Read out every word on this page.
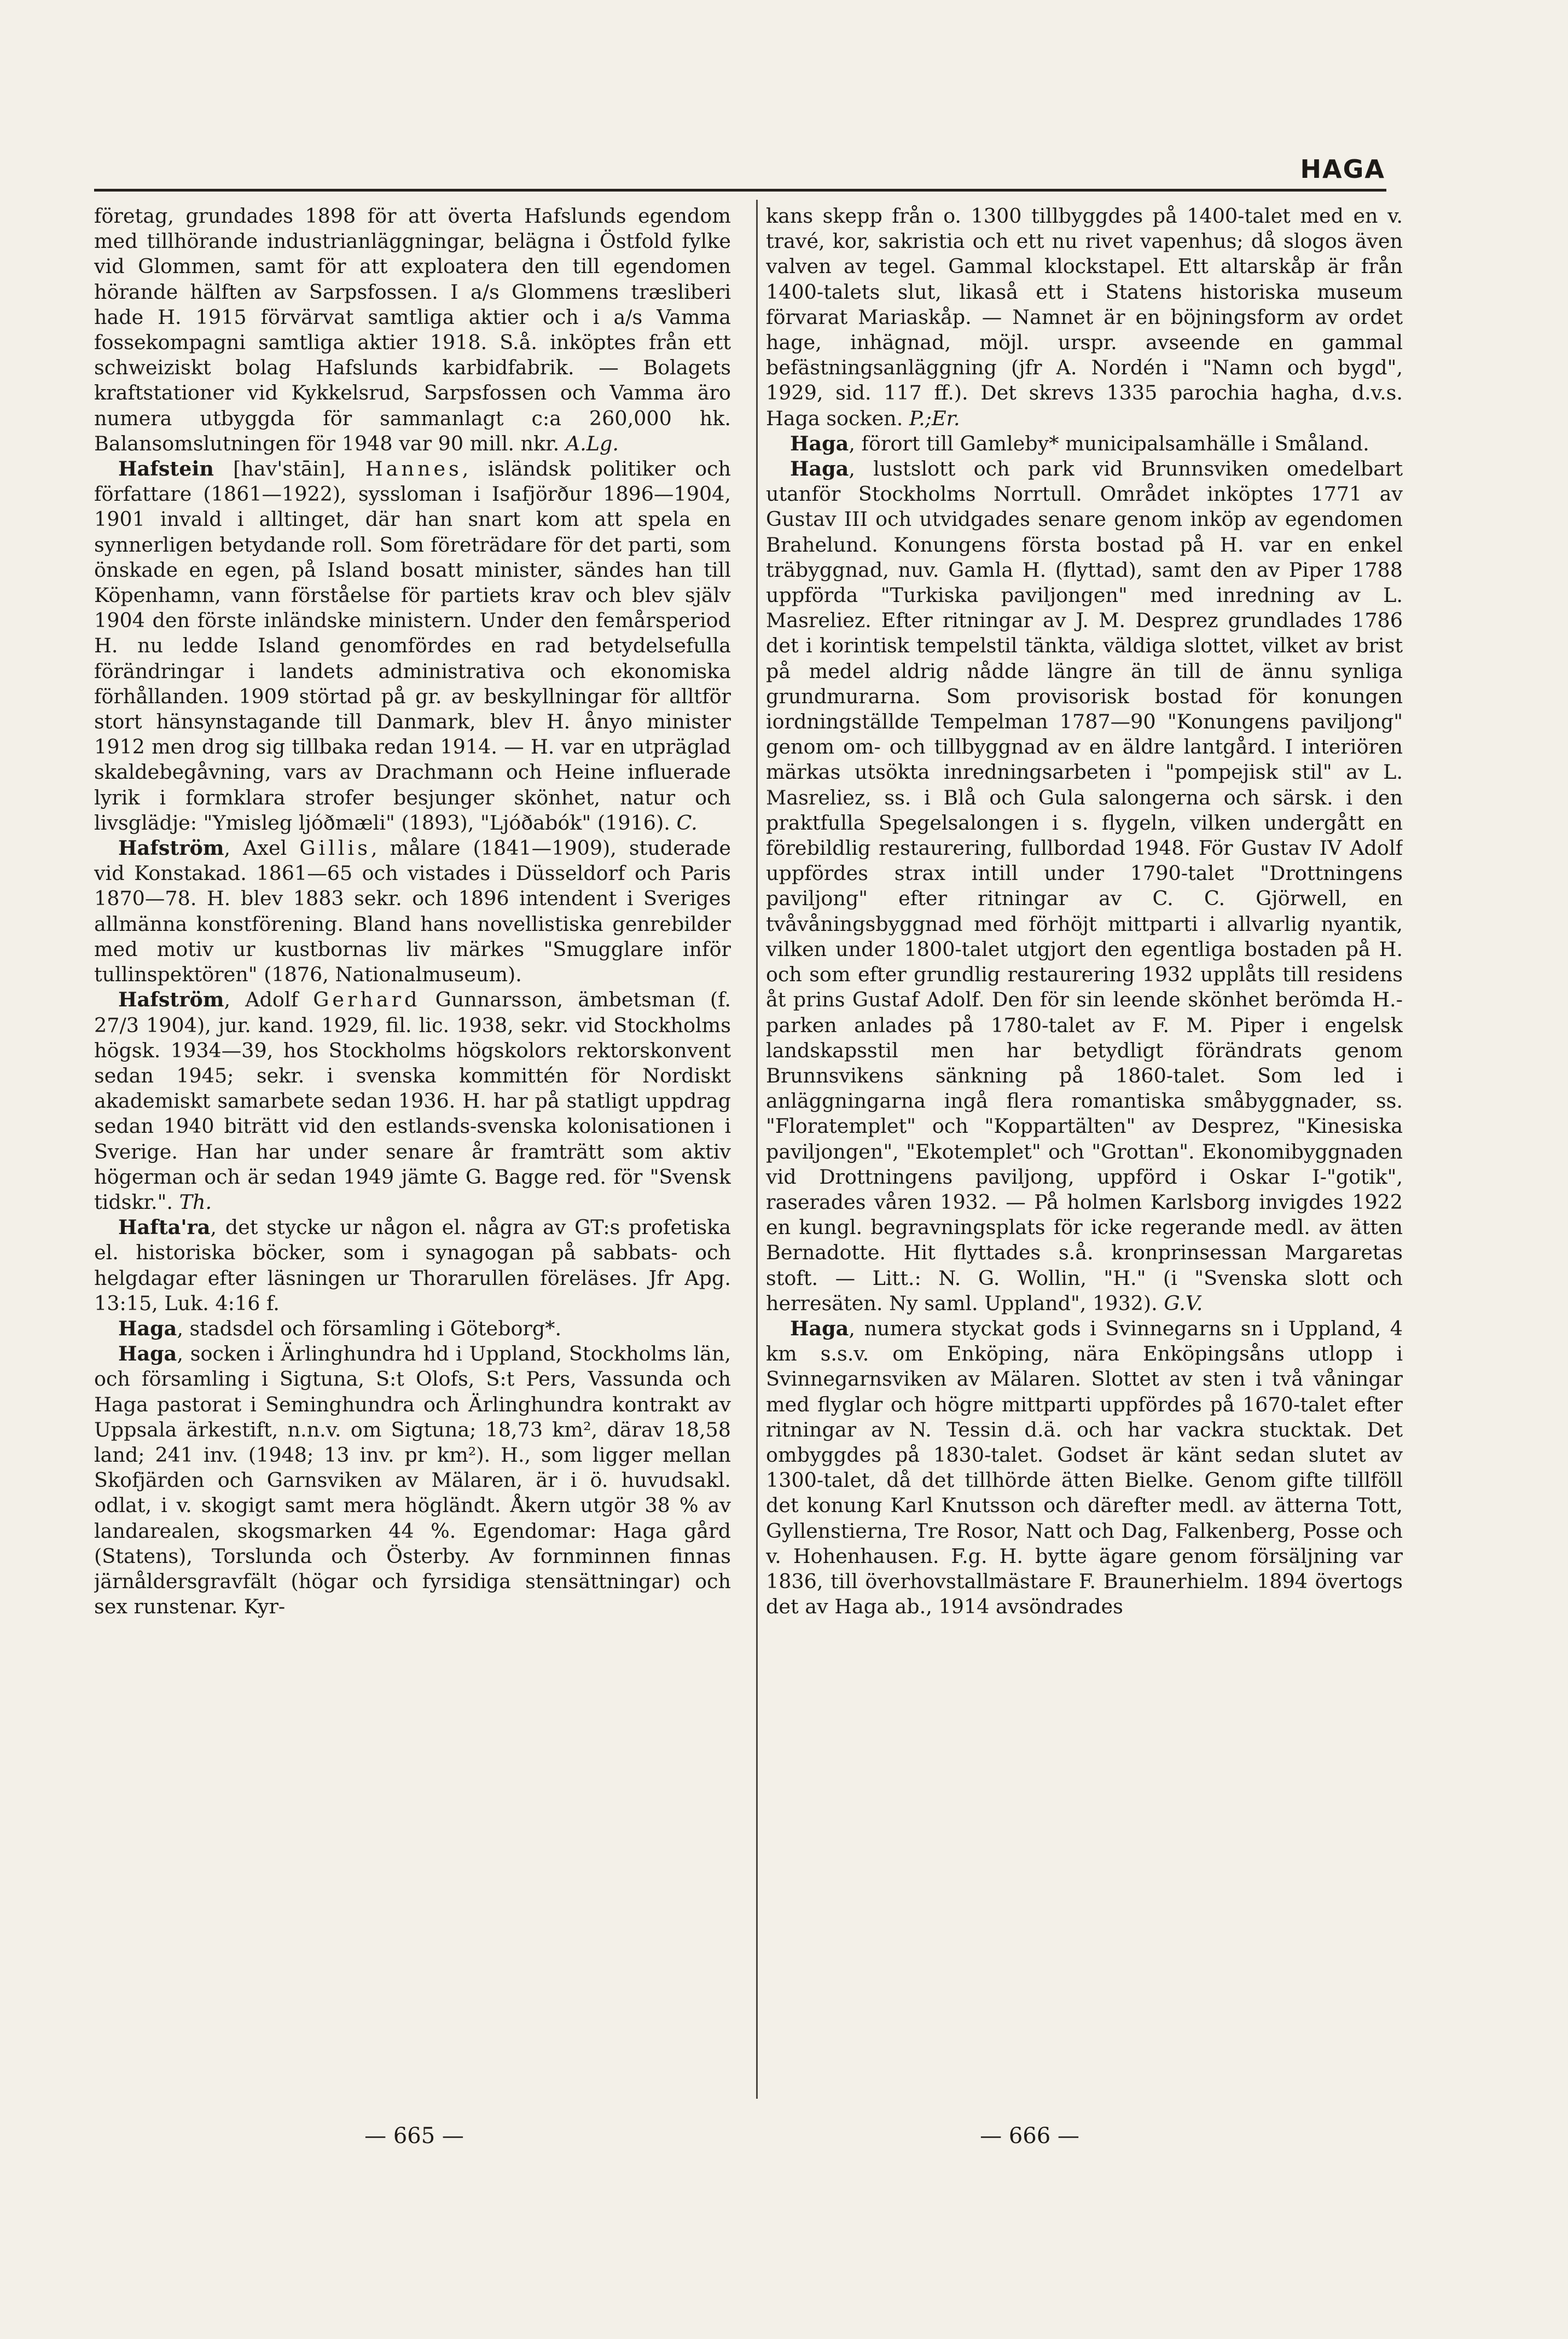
HAGA

företag, grundades 1898 för att överta Hafslunds egendom med tillhörande industrianläggningar, belägna i Östfold fylke vid Glommen, samt för att exploatera den till egendomen hörande hälften av Sarpsfossen. I a/s Glommens træsliberi hade H. 1915 förvärvat samtliga aktier och i a/s Vamma fossekompagni samtliga aktier 1918. S.å. inköptes från ett schweiziskt bolag Hafslunds karbidfabrik. — Bolagets kraftstationer vid Kykkelsrud, Sarpsfossen och Vamma äro numera utbyggda för sammanlagt c:a 260,000 hk. Balansomslutningen för 1948 var 90 mill. nkr. A.Lg.

Hafstein [hav'stāin], Hannes, isländsk politiker och författare (1861—1922), syssloman i Isafjörður 1896—1904, 1901 invald i alltinget, där han snart kom att spela en synnerligen betydande roll. Som företrädare för det parti, som önskade en egen, på Island bosatt minister, sändes han till Köpenhamn, vann förståelse för partiets krav och blev själv 1904 den förste inländske ministern. Under den femårsperiod H. nu ledde Island genomfördes en rad betydelsefulla förändringar i landets administrativa och ekonomiska förhållanden. 1909 störtad på gr. av beskyllningar för alltför stort hänsynstagande till Danmark, blev H. ånyo minister 1912 men drog sig tillbaka redan 1914. — H. var en utpräglad skaldebegåvning, vars av Drachmann och Heine influerade lyrik i formklara strofer besjunger skönhet, natur och livsglädje: "Ymisleg ljóðmæli" (1893), "Ljóðabók" (1916). C.

Hafström, Axel Gillis, målare (1841—1909), studerade vid Konstakad. 1861—65 och vistades i Düsseldorf och Paris 1870—78. H. blev 1883 sekr. och 1896 intendent i Sveriges allmänna konstförening. Bland hans novellistiska genrebilder med motiv ur kustbornas liv märkes "Smugglare inför tullinspektören" (1876, Nationalmuseum).

Hafström, Adolf Gerhard Gunnarsson, ämbetsman (f. 27/3 1904), jur. kand. 1929, fil. lic. 1938, sekr. vid Stockholms högsk. 1934—39, hos Stockholms högskolors rektorskonvent sedan 1945; sekr. i svenska kommittén för Nordiskt akademiskt samarbete sedan 1936. H. har på statligt uppdrag sedan 1940 biträtt vid den estlands-svenska kolonisationen i Sverige. Han har under senare år framträtt som aktiv högerman och är sedan 1949 jämte G. Bagge red. för "Svensk tidskr.". Th.

Hafta'ra, det stycke ur någon el. några av GT:s profetiska el. historiska böcker, som i synagogan på sabbats- och helgdagar efter läsningen ur Thorarullen föreläses. Jfr Apg. 13:15, Luk. 4:16 f.

Haga, stadsdel och församling i Göteborg*.

Haga, socken i Ärlinghundra hd i Uppland, Stockholms län, och församling i Sigtuna, S:t Olofs, S:t Pers, Vassunda och Haga pastorat i Seminghundra och Ärlinghundra kontrakt av Uppsala ärkestift, n.n.v. om Sigtuna; 18,73 km², därav 18,58 land; 241 inv. (1948; 13 inv. pr km²). H., som ligger mellan Skofjärden och Garnsviken av Mälaren, är i ö. huvudsakl. odlat, i v. skogigt samt mera högländt. Åkern utgör 38 % av landarealen, skogsmarken 44 %. Egendomar: Haga gård (Statens), Torslunda och Österby. Av fornminnen finnas järnåldersgravfält (högar och fyrsidiga stensättningar) och sex runstenar. Kyr-

kans skepp från o. 1300 tillbyggdes på 1400-talet med en v. travé, kor, sakristia och ett nu rivet vapenhus; då slogos även valven av tegel. Gammal klockstapel. Ett altarskåp är från 1400-talets slut, likaså ett i Statens historiska museum förvarat Mariaskåp. — Namnet är en böjningsform av ordet hage, inhägnad, möjl. urspr. avseende en gammal befästningsanläggning (jfr A. Nordén i "Namn och bygd", 1929, sid. 117 ff.). Det skrevs 1335 parochia hagha, d.v.s. Haga socken. P.;Er.

Haga, förort till Gamleby* municipalsamhälle i Småland.

Haga, lustslott och park vid Brunnsviken omedelbart utanför Stockholms Norrtull. Området inköptes 1771 av Gustav III och utvidgades senare genom inköp av egendomen Brahelund. Konungens första bostad på H. var en enkel träbyggnad, nuv. Gamla H. (flyttad), samt den av Piper 1788 uppförda "Turkiska paviljongen" med inredning av L. Masreliez. Efter ritningar av J. M. Desprez grundlades 1786 det i korintisk tempelstil tänkta, väldiga slottet, vilket av brist på medel aldrig nådde längre än till de ännu synliga grundmurarna. Som provisorisk bostad för konungen iordningställde Tempelman 1787—90 "Konungens paviljong" genom om- och tillbyggnad av en äldre lantgård. I interiören märkas utsökta inredningsarbeten i "pompejisk stil" av L. Masreliez, ss. i Blå och Gula salongerna och särsk. i den praktfulla Spegelsalongen i s. flygeln, vilken undergått en förebildlig restaurering, fullbordad 1948. För Gustav IV Adolf uppfördes strax intill under 1790-talet "Drottningens paviljong" efter ritningar av C. C. Gjörwell, en tvåvåningsbyggnad med förhöjt mittparti i allvarlig nyantik, vilken under 1800-talet utgjort den egentliga bostaden på H. och som efter grundlig restaurering 1932 upplåts till residens åt prins Gustaf Adolf. Den för sin leende skönhet berömda H.-parken anlades på 1780-talet av F. M. Piper i engelsk landskapsstil men har betydligt förändrats genom Brunnsvikens sänkning på 1860-talet. Som led i anläggningarna ingå flera romantiska småbyggnader, ss. "Floratemplet" och "Koppartälten" av Desprez, "Kinesiska paviljongen", "Ekotemplet" och "Grottan". Ekonomibyggnaden vid Drottningens paviljong, uppförd i Oskar I-"gotik", raserades våren 1932. — På holmen Karlsborg invigdes 1922 en kungl. begravningsplats för icke regerande medl. av ätten Bernadotte. Hit flyttades s.å. kronprinsessan Margaretas stoft. — Litt.: N. G. Wollin, "H." (i "Svenska slott och herresäten. Ny saml. Uppland", 1932). G.V.

Haga, numera styckat gods i Svinnegarns sn i Uppland, 4 km s.s.v. om Enköping, nära Enköpingsåns utlopp i Svinnegarnsviken av Mälaren. Slottet av sten i två våningar med flyglar och högre mittparti uppfördes på 1670-talet efter ritningar av N. Tessin d.ä. och har vackra stucktak. Det ombyggdes på 1830-talet. Godset är känt sedan slutet av 1300-talet, då det tillhörde ätten Bielke. Genom gifte tillföll det konung Karl Knutsson och därefter medl. av ätterna Tott, Gyllenstierna, Tre Rosor, Natt och Dag, Falkenberg, Posse och v. Hohenhausen. F.g. H. bytte ägare genom försäljning var 1836, till överhovstallmästare F. Braunerhielm. 1894 övertogs det av Haga ab., 1914 avsöndrades

— 665 —	— 666 —
